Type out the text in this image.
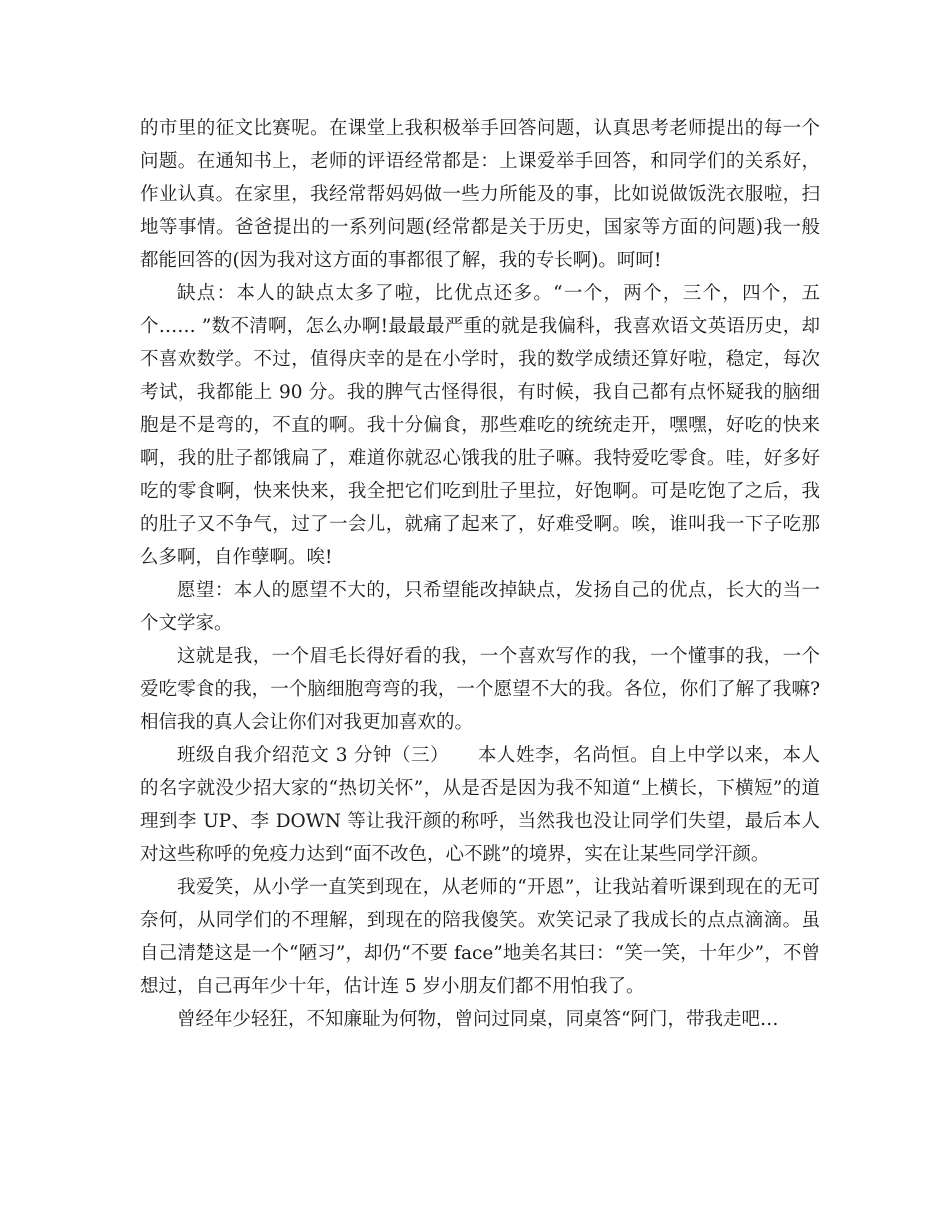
的市里的征文比赛呢。在课堂上我积极举手回答问题，认真思考老师提出的每一个问题。在通知书上，老师的评语经常都是：上课爱举手回答，和同学们的关系好，作业认真。在家里，我经常帮妈妈做一些力所能及的事，比如说做饭洗衣服啦，扫地等事情。爸爸提出的一系列问题(经常都是关于历史，国家等方面的问题)我一般都能回答的(因为我对这方面的事都很了解，我的专长啊)。呵呵!

缺点：本人的缺点太多了啦，比优点还多。“一个，两个，三个，四个，五个…… ”数不清啊，怎么办啊!最最最严重的就是我偏科，我喜欢语文英语历史，却不喜欢数学。不过，值得庆幸的是在小学时，我的数学成绩还算好啦，稳定，每次考试，我都能上 90 分。我的脾气古怪得很，有时候，我自己都有点怀疑我的脑细胞是不是弯的，不直的啊。我十分偏食，那些难吃的统统走开，嘿嘿，好吃的快来啊，我的肚子都饿扁了，难道你就忍心饿我的肚子嘛。我特爱吃零食。哇，好多好吃的零食啊，快来快来，我全把它们吃到肚子里拉，好饱啊。可是吃饱了之后，我的肚子又不争气，过了一会儿，就痛了起来了，好难受啊。唉，谁叫我一下子吃那么多啊，自作孽啊。唉!

愿望：本人的愿望不大的，只希望能改掉缺点，发扬自己的优点，长大的当一个文学家。

这就是我，一个眉毛长得好看的我，一个喜欢写作的我，一个懂事的我，一个爱吃零食的我，一个脑细胞弯弯的我，一个愿望不大的我。各位，你们了解了我嘛?相信我的真人会让你们对我更加喜欢的。

班级自我介绍范文 3 分钟（三）　　本人姓李，名尚恒。自上中学以来，本人的名字就没少招大家的“热切关怀”，从是否是因为我不知道“上横长，下横短”的道理到李 UP、李 DOWN 等让我汗颜的称呼，当然我也没让同学们失望，最后本人对这些称呼的免疫力达到“面不改色，心不跳”的境界，实在让某些同学汗颜。

我爱笑，从小学一直笑到现在，从老师的“开恩”，让我站着听课到现在的无可奈何，从同学们的不理解，到现在的陪我傻笑。欢笑记录了我成长的点点滴滴。虽自己清楚这是一个“陋习”，却仍“不要 face”地美名其曰：“笑一笑，十年少”，不曾想过，自己再年少十年，估计连 5 岁小朋友们都不用怕我了。

曾经年少轻狂，不知廉耻为何物，曾问过同桌，同桌答“阿门，带我走吧…
